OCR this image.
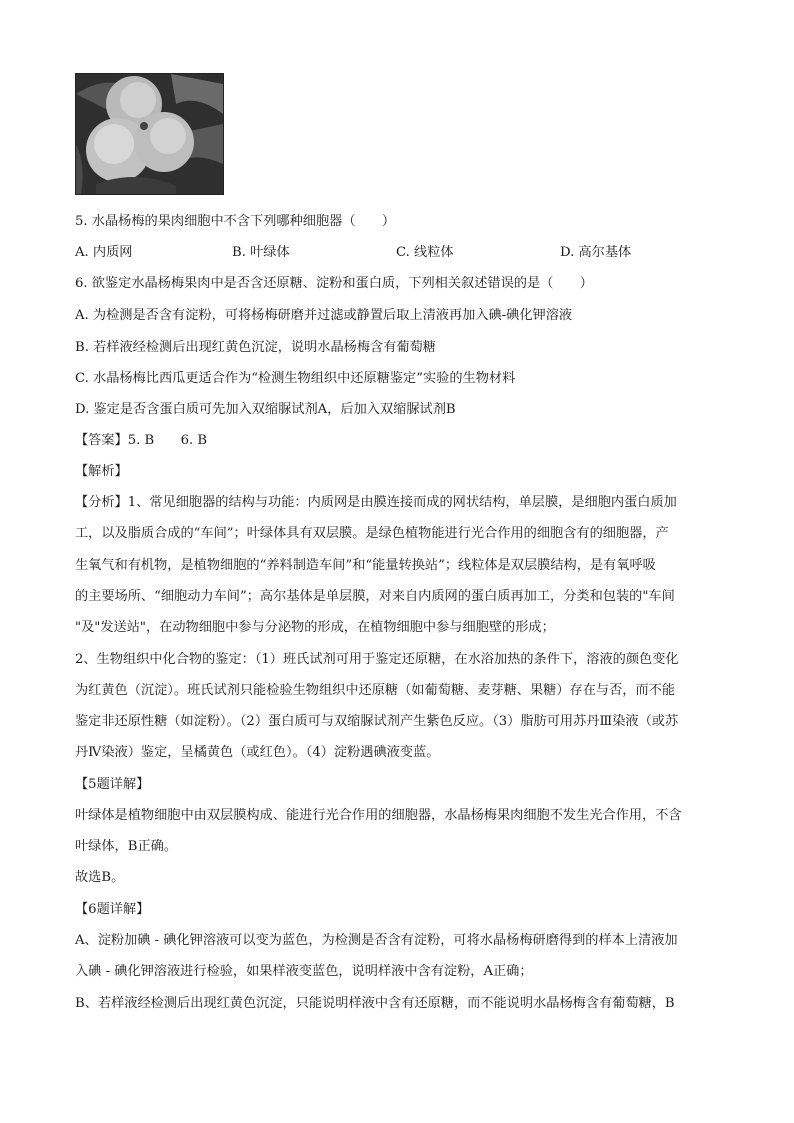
5. 水晶杨梅的果肉细胞中不含下列哪种细胞器（　　）
A. 内质网	B. 叶绿体	C. 线粒体	D. 高尔基体
6. 欲鉴定水晶杨梅果肉中是否含还原糖、淀粉和蛋白质，下列相关叙述错误的是（　　）
A. 为检测是否含有淀粉，可将杨梅研磨并过滤或静置后取上清液再加入碘-碘化钾溶液
B. 若样液经检测后出现红黄色沉淀，说明水晶杨梅含有葡萄糖
C. 水晶杨梅比西瓜更适合作为“检测生物组织中还原糖鉴定”实验的生物材料
D. 鉴定是否含蛋白质可先加入双缩脲试剂A，后加入双缩脲试剂B
【答案】5. B　　6. B
【解析】
【分析】1、常见细胞器的结构与功能：内质网是由膜连接而成的网状结构，单层膜，是细胞内蛋白质加
工，以及脂质合成的“车间”；叶绿体具有双层膜。是绿色植物能进行光合作用的细胞含有的细胞器，产
生氧气和有机物，是植物细胞的“养料制造车间”和“能量转换站”；线粒体是双层膜结构，是有氧呼吸
的主要场所、“细胞动力车间”；高尔基体是单层膜，对来自内质网的蛋白质再加工，分类和包装的"车间
"及"发送站"，在动物细胞中参与分泌物的形成，在植物细胞中参与细胞壁的形成；
2、生物组织中化合物的鉴定：（1）班氏试剂可用于鉴定还原糖，在水浴加热的条件下，溶液的颜色变化
为红黄色（沉淀）。班氏试剂只能检验生物组织中还原糖（如葡萄糖、麦芽糖、果糖）存在与否，而不能
鉴定非还原性糖（如淀粉）。（2）蛋白质可与双缩脲试剂产生紫色反应。（3）脂肪可用苏丹Ⅲ染液（或苏
丹Ⅳ染液）鉴定，呈橘黄色（或红色）。（4）淀粉遇碘液变蓝。
【5题详解】
叶绿体是植物细胞中由双层膜构成、能进行光合作用的细胞器，水晶杨梅果肉细胞不发生光合作用，不含
叶绿体，B正确。
故选B。
【6题详解】
A、淀粉加碘 - 碘化钾溶液可以变为蓝色，为检测是否含有淀粉，可将水晶杨梅研磨得到的样本上清液加
入碘 - 碘化钾溶液进行检验，如果样液变蓝色，说明样液中含有淀粉，A正确；
B、若样液经检测后出现红黄色沉淀，只能说明样液中含有还原糖，而不能说明水晶杨梅含有葡萄糖，B
